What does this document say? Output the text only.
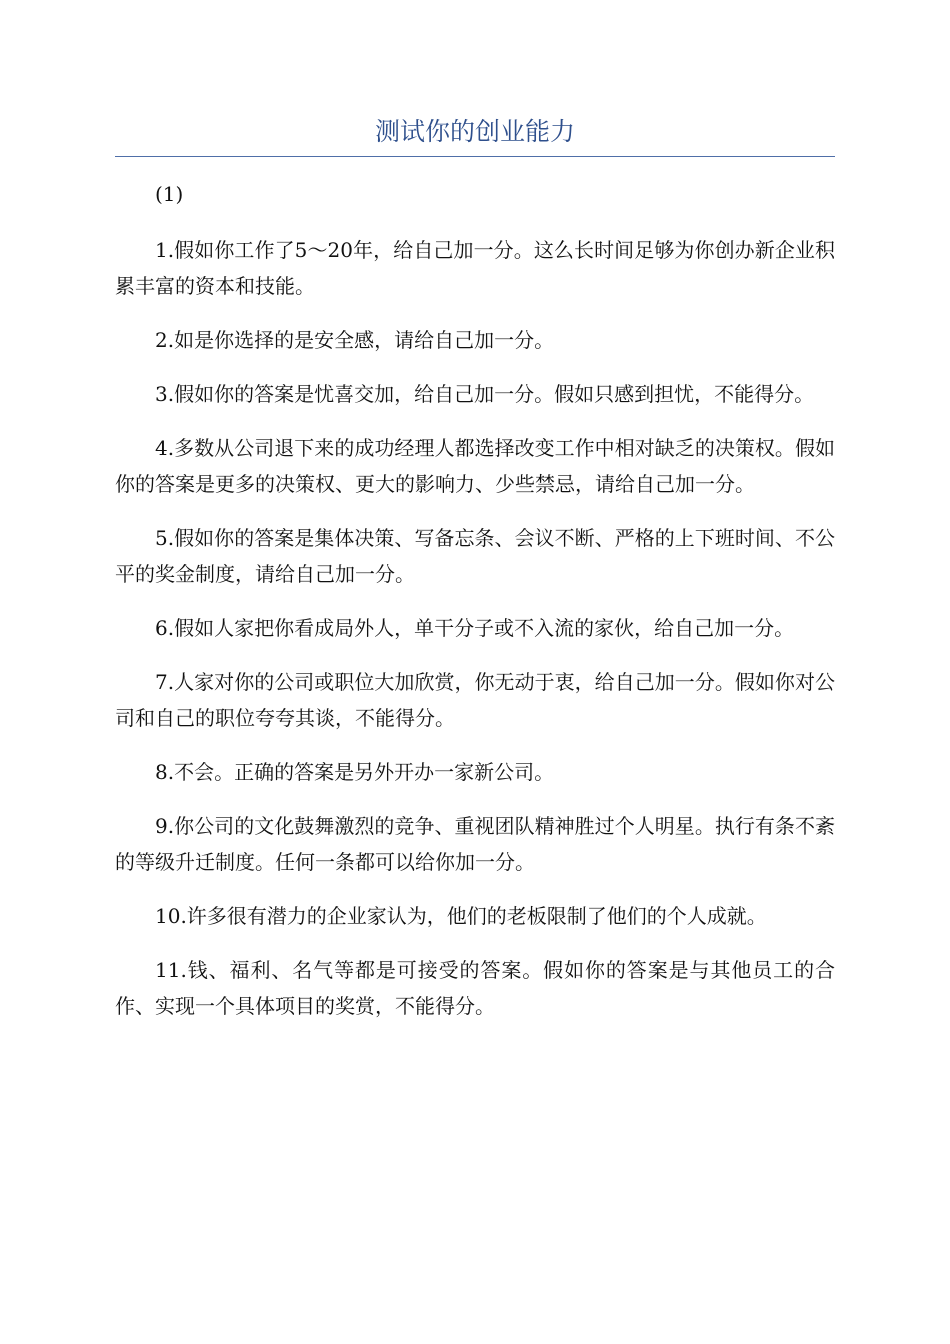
测试你的创业能力

(1)

1.假如你工作了5～20年，给自己加一分。这么长时间足够为你创办新企业积累丰富的资本和技能。

2.如是你选择的是安全感，请给自己加一分。

3.假如你的答案是忧喜交加，给自己加一分。假如只感到担忧，不能得分。

4.多数从公司退下来的成功经理人都选择改变工作中相对缺乏的决策权。假如你的答案是更多的决策权、更大的影响力、少些禁忌，请给自己加一分。

5.假如你的答案是集体决策、写备忘条、会议不断、严格的上下班时间、不公平的奖金制度，请给自己加一分。

6.假如人家把你看成局外人，单干分子或不入流的家伙，给自己加一分。

7.人家对你的公司或职位大加欣赏，你无动于衷，给自己加一分。假如你对公司和自己的职位夸夸其谈，不能得分。

8.不会。正确的答案是另外开办一家新公司。

9.你公司的文化鼓舞激烈的竞争、重视团队精神胜过个人明星。执行有条不紊的等级升迁制度。任何一条都可以给你加一分。

10.许多很有潜力的企业家认为，他们的老板限制了他们的个人成就。

11.钱、福利、名气等都是可接受的答案。假如你的答案是与其他员工的合作、实现一个具体项目的奖赏，不能得分。
